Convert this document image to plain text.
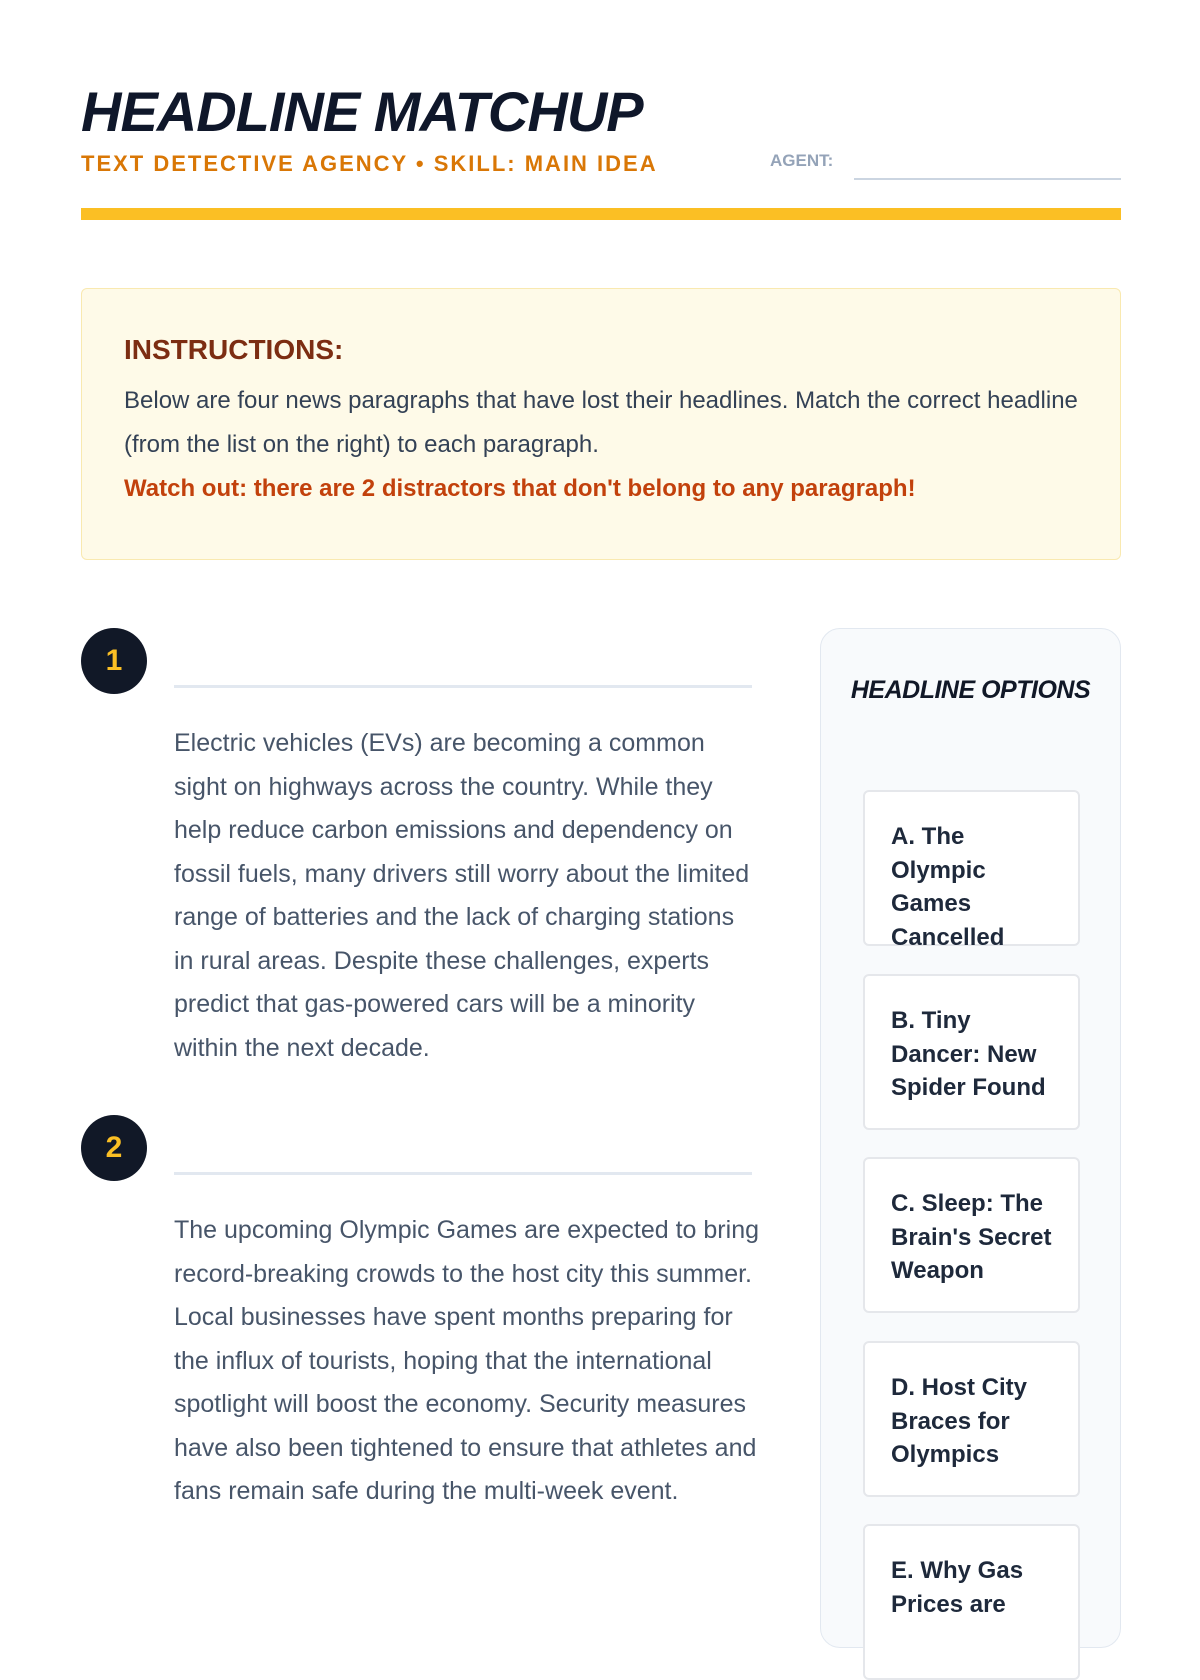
HEADLINE MATCHUP
TEXT DETECTIVE AGENCY • SKILL: MAIN IDEA	AGENT:

INSTRUCTIONS:

Below are four news paragraphs that have lost their headlines. Match the correct headline (from the list on the right) to each paragraph.

Watch out: there are 2 distractors that don't belong to any paragraph!

1

Electric vehicles (EVs) are becoming a common sight on highways across the country. While they help reduce carbon emissions and dependency on fossil fuels, many drivers still worry about the limited range of batteries and the lack of charging stations in rural areas. Despite these challenges, experts predict that gas-powered cars will be a minority within the next decade.

2

The upcoming Olympic Games are expected to bring record-breaking crowds to the host city this summer. Local businesses have spent months preparing for the influx of tourists, hoping that the international spotlight will boost the economy. Security measures have also been tightened to ensure that athletes and fans remain safe during the multi-week event.

HEADLINE OPTIONS
A. The Olympic Games Cancelled
B. Tiny Dancer: New Spider Found
C. Sleep: The Brain's Secret Weapon
D. Host City Braces for Olympics
E. Why Gas Prices are
